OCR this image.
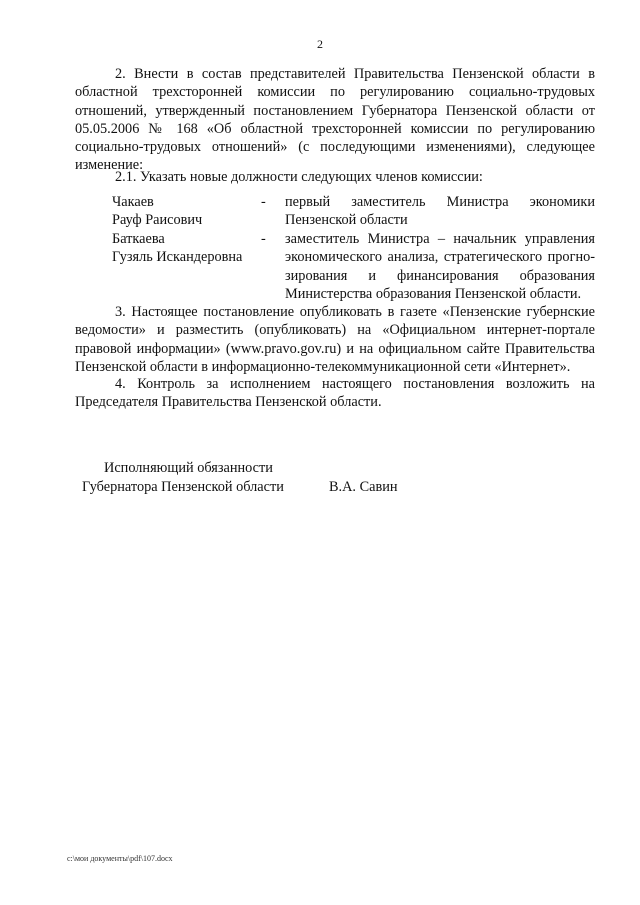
2
2. Внести в состав представителей Правительства Пензенской области в областной трехсторонней комиссии по регулированию социально-трудовых отношений, утвержденный постановлением Губернатора Пензенской области от 05.05.2006 № 168 «Об областной трехсторонней комиссии по регулированию социально-трудовых отношений» (с последующими изменениями), следующее изменение:
2.1. Указать новые должности следующих членов комиссии:
Чакаев
Рауф Раисович
- первый заместитель Министра экономики
Пензенской области
Баткаева
Гузяль Искандеровна
- заместитель Министра – начальник управления
экономического анализа, стратегического прогно-
зирования и финансирования образования
Министерства образования Пензенской области.
3. Настоящее постановление опубликовать в газете «Пензенские губернские ведомости» и разместить (опубликовать) на «Официальном интернет-портале правовой информации» (www.pravo.gov.ru) и на официальном сайте Правительства Пензенской области в информационно-телекоммуникационной сети «Интернет».
4. Контроль за исполнением настоящего постановления возложить на Председателя Правительства Пензенской области.
Исполняющий обязанности
Губернатора Пензенской области	В.А. Савин
c:\мои документы\pdf\107.docx
